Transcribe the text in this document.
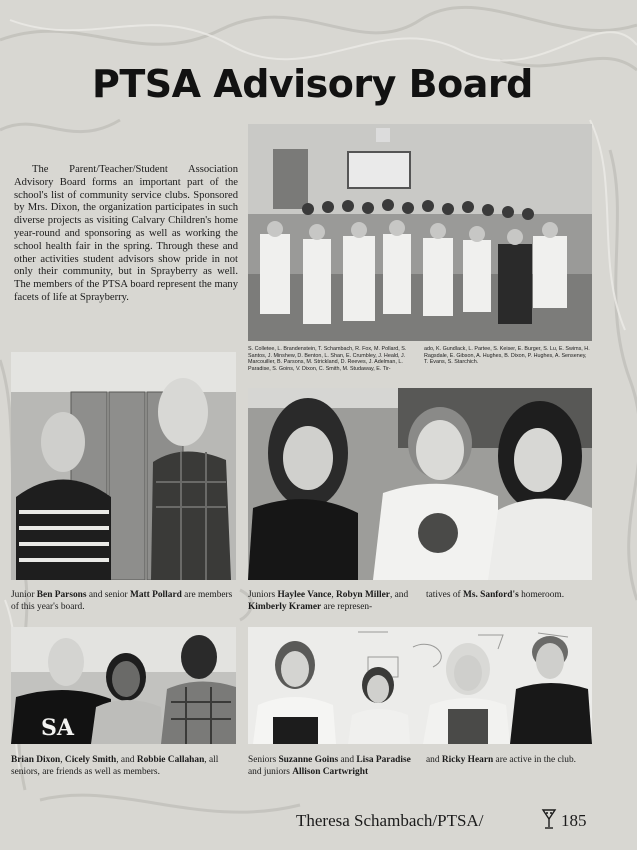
PTSA Advisory Board

The Parent/Teacher/Student Association Advisory Board forms an important part of the school's list of community service clubs. Sponsored by Mrs. Dixon, the organization participates in such diverse projects as visiting Calvary Children's home year-round and sponsoring as well as working the school health fair in the spring. Through these and other activities student advisors show pride in not only their community, but in Sprayberry as well. The members of the PTSA board represent the many facets of life at Sprayberry.

S. Colletee, L. Brandenstein, T. Schambach, R. Fox, M. Pollard, S. Santos, J. Minshew, D. Benton, L. Shan, E. Crumbley, J. Heald, J. Marcouiller, B. Parsons, M. Strickland, D. Reeves, J. Adelman, L. Paradise, S. Goins, V. Dixon, C. Smith, M. Studaway, E. Tir-

ado, K. Gundlack, L. Partee, S. Keiser, E. Burger, S. Lu, E. Swims, H. Ragsdale, E. Gibson, A. Hughes, B. Dixon, P. Hughes, A. Senseney, T. Evans, S. Starchich.

Junior Ben Parsons and senior Matt Pollard are members of this year's board.

Juniors Haylee Vance, Robyn Miller, and Kimberly Kramer are represen-

tatives of Ms. Sanford's homeroom.

SA

Brian Dixon, Cicely Smith, and Robbie Callahan, all seniors, are friends as well as members.

Seniors Suzanne Goins and Lisa Paradise and juniors Allison Cartwright

and Ricky Hearn are active in the club.

Theresa Schambach/PTSA/	185
